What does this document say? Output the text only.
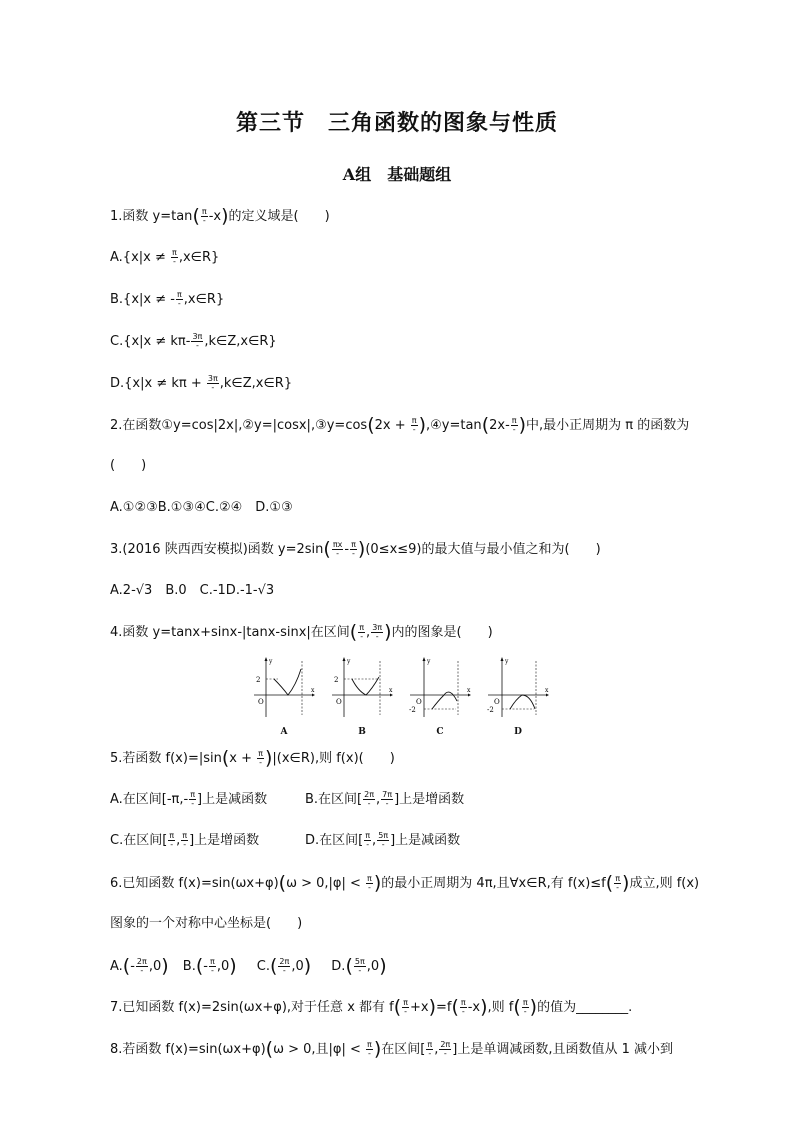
第三节　三角函数的图象与性质
A组　基础题组
1.函数 $y=\tan( \frac{\pi}{-} -x)$的定义域是(　　)
$A.\{x|x \ne \frac{\pi}{-}$ ,x∈R}
B.{x|x ≠ - $\frac{\pi}{-}$ ,x∈R}
$C.\{x|x \ne k\pi- \frac{3\pi}{-}$ ,k∈Z,x∈R}
$D.\{x|x \ne k\pi + \frac{3\pi}{-}$ ,k∈Z,x∈R}
2.在函数①y=cos|2x|,②y=|cosx|,③y=cos(2x + $\frac{\pi}{-}$ ),④y=tan(2x- $\frac{\pi}{-}$ )中,最小正周期为 π 的函数为
(　　)
A.①②③B.①③④C.②④　D.①③
3.(2016 陕西西安模拟)函数 $y=2\sin( \frac{\pi x}{-} - \frac{\pi}{-} )(0\le x\le 9)$的最大值与最小值之和为(　　)
A.2-√3　B.0　C.-1D.-1-√3
4.函数 y=tanx+sinx-|tanx-sinx|在区间( $\frac{\pi}{-}$ , $\frac{3\pi}{-}$ )内的图象是(　　)
2
O
x
y
A
2
O
x
y
B
-2
O
x
y
C
-2
O
x
y
D
5.若函数 $f(x)=|\sin(x + \frac{\pi}{-}$ )|(x∈R),则 f(x)(　　)
A.在区间[$-\pi,- \frac{\pi}{-}$ ]上是减函数	B.在区间[ $\frac{2\pi}{-}$ , $\frac{7\pi}{-}$ ]上是增函数
C.在区间[ $\frac{\pi}{-}$ , $\frac{\pi}{-}$ ]上是增函数	D.在区间[ $\frac{\pi}{-}$ , $\frac{5\pi}{-}$ ]上是减函数
6.已知函数 $f(x)=\sin(\omega x+\varphi)(\omega > 0,|\varphi| < \frac{\pi}{-}$ )的最小正周期为 4π,且∀x∈R,有 $f(x)\le f( \frac{\pi}{-}$ )成立,则 f(x)
图象的一个对称中心坐标是(　　)
$A.(- \frac{2\pi}{-} ,0)$ $B.(- \frac{\pi}{-} ,0)$ $C.( \frac{2\pi}{-} ,0)$ $D.( \frac{5\pi}{-} ,0)$
7.已知函数 f(x)=2sin(ωx+φ),对于任意 x 都有 $f( \frac{\pi}{-} +x)=f( \frac{\pi}{-} -x)$,则 $f( \frac{\pi}{-}$ )的值为________.
8.若函数 f(x)=sin(ωx+φ)(ω > 0,且$|\varphi| < \frac{\pi}{-}$ )在区间[ $\frac{\pi}{-}$ , $\frac{2\pi}{-}$ ]上是单调减函数,且函数值从 1 减小到
